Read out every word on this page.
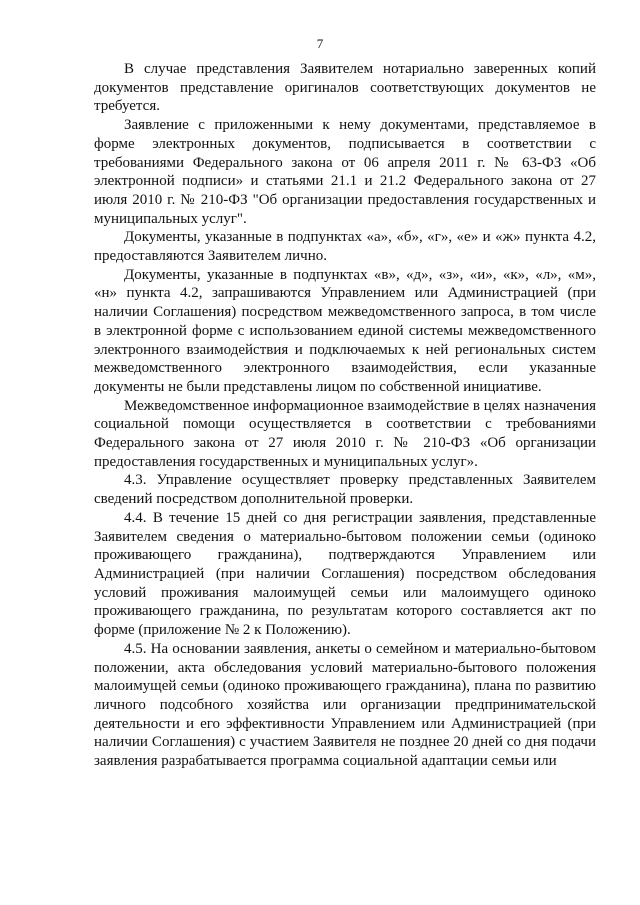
7

В случае представления Заявителем нотариально заверенных копий документов представление оригиналов соответствующих документов не требуется.

Заявление с приложенными к нему документами, представляемое в форме электронных документов, подписывается в соответствии с требованиями Федерального закона от 06 апреля 2011 г. № 63-ФЗ «Об электронной подписи» и статьями 21.1 и 21.2 Федерального закона от 27 июля 2010 г. № 210-ФЗ "Об организации предоставления государственных и муниципальных услуг".

Документы, указанные в подпунктах «а», «б», «г», «е» и «ж» пункта 4.2, предоставляются Заявителем лично.

Документы, указанные в подпунктах «в», «д», «з», «и», «к», «л», «м», «н» пункта 4.2, запрашиваются Управлением или Администрацией (при наличии Соглашения) посредством межведомственного запроса, в том числе в электронной форме с использованием единой системы межведомственного электронного взаимодействия и подключаемых к ней региональных систем межведомственного электронного взаимодействия, если указанные документы не были представлены лицом по собственной инициативе.

Межведомственное информационное взаимодействие в целях назначения социальной помощи осуществляется в соответствии с требованиями Федерального закона от 27 июля 2010 г. № 210-ФЗ «Об организации предоставления государственных и муниципальных услуг».

4.3. Управление осуществляет проверку представленных Заявителем сведений посредством дополнительной проверки.

4.4. В течение 15 дней со дня регистрации заявления, представленные Заявителем сведения о материально-бытовом положении семьи (одиноко проживающего гражданина), подтверждаются Управлением или Администрацией (при наличии Соглашения) посредством обследования условий проживания малоимущей семьи или малоимущего одиноко проживающего гражданина, по результатам которого составляется акт по форме (приложение № 2 к Положению).

4.5. На основании заявления, анкеты о семейном и материально-бытовом положении, акта обследования условий материально-бытового положения малоимущей семьи (одиноко проживающего гражданина), плана по развитию личного подсобного хозяйства или организации предпринимательской деятельности и его эффективности Управлением или Администрацией (при наличии Соглашения) с участием Заявителя не позднее 20 дней со дня подачи заявления разрабатывается программа социальной адаптации семьи или
